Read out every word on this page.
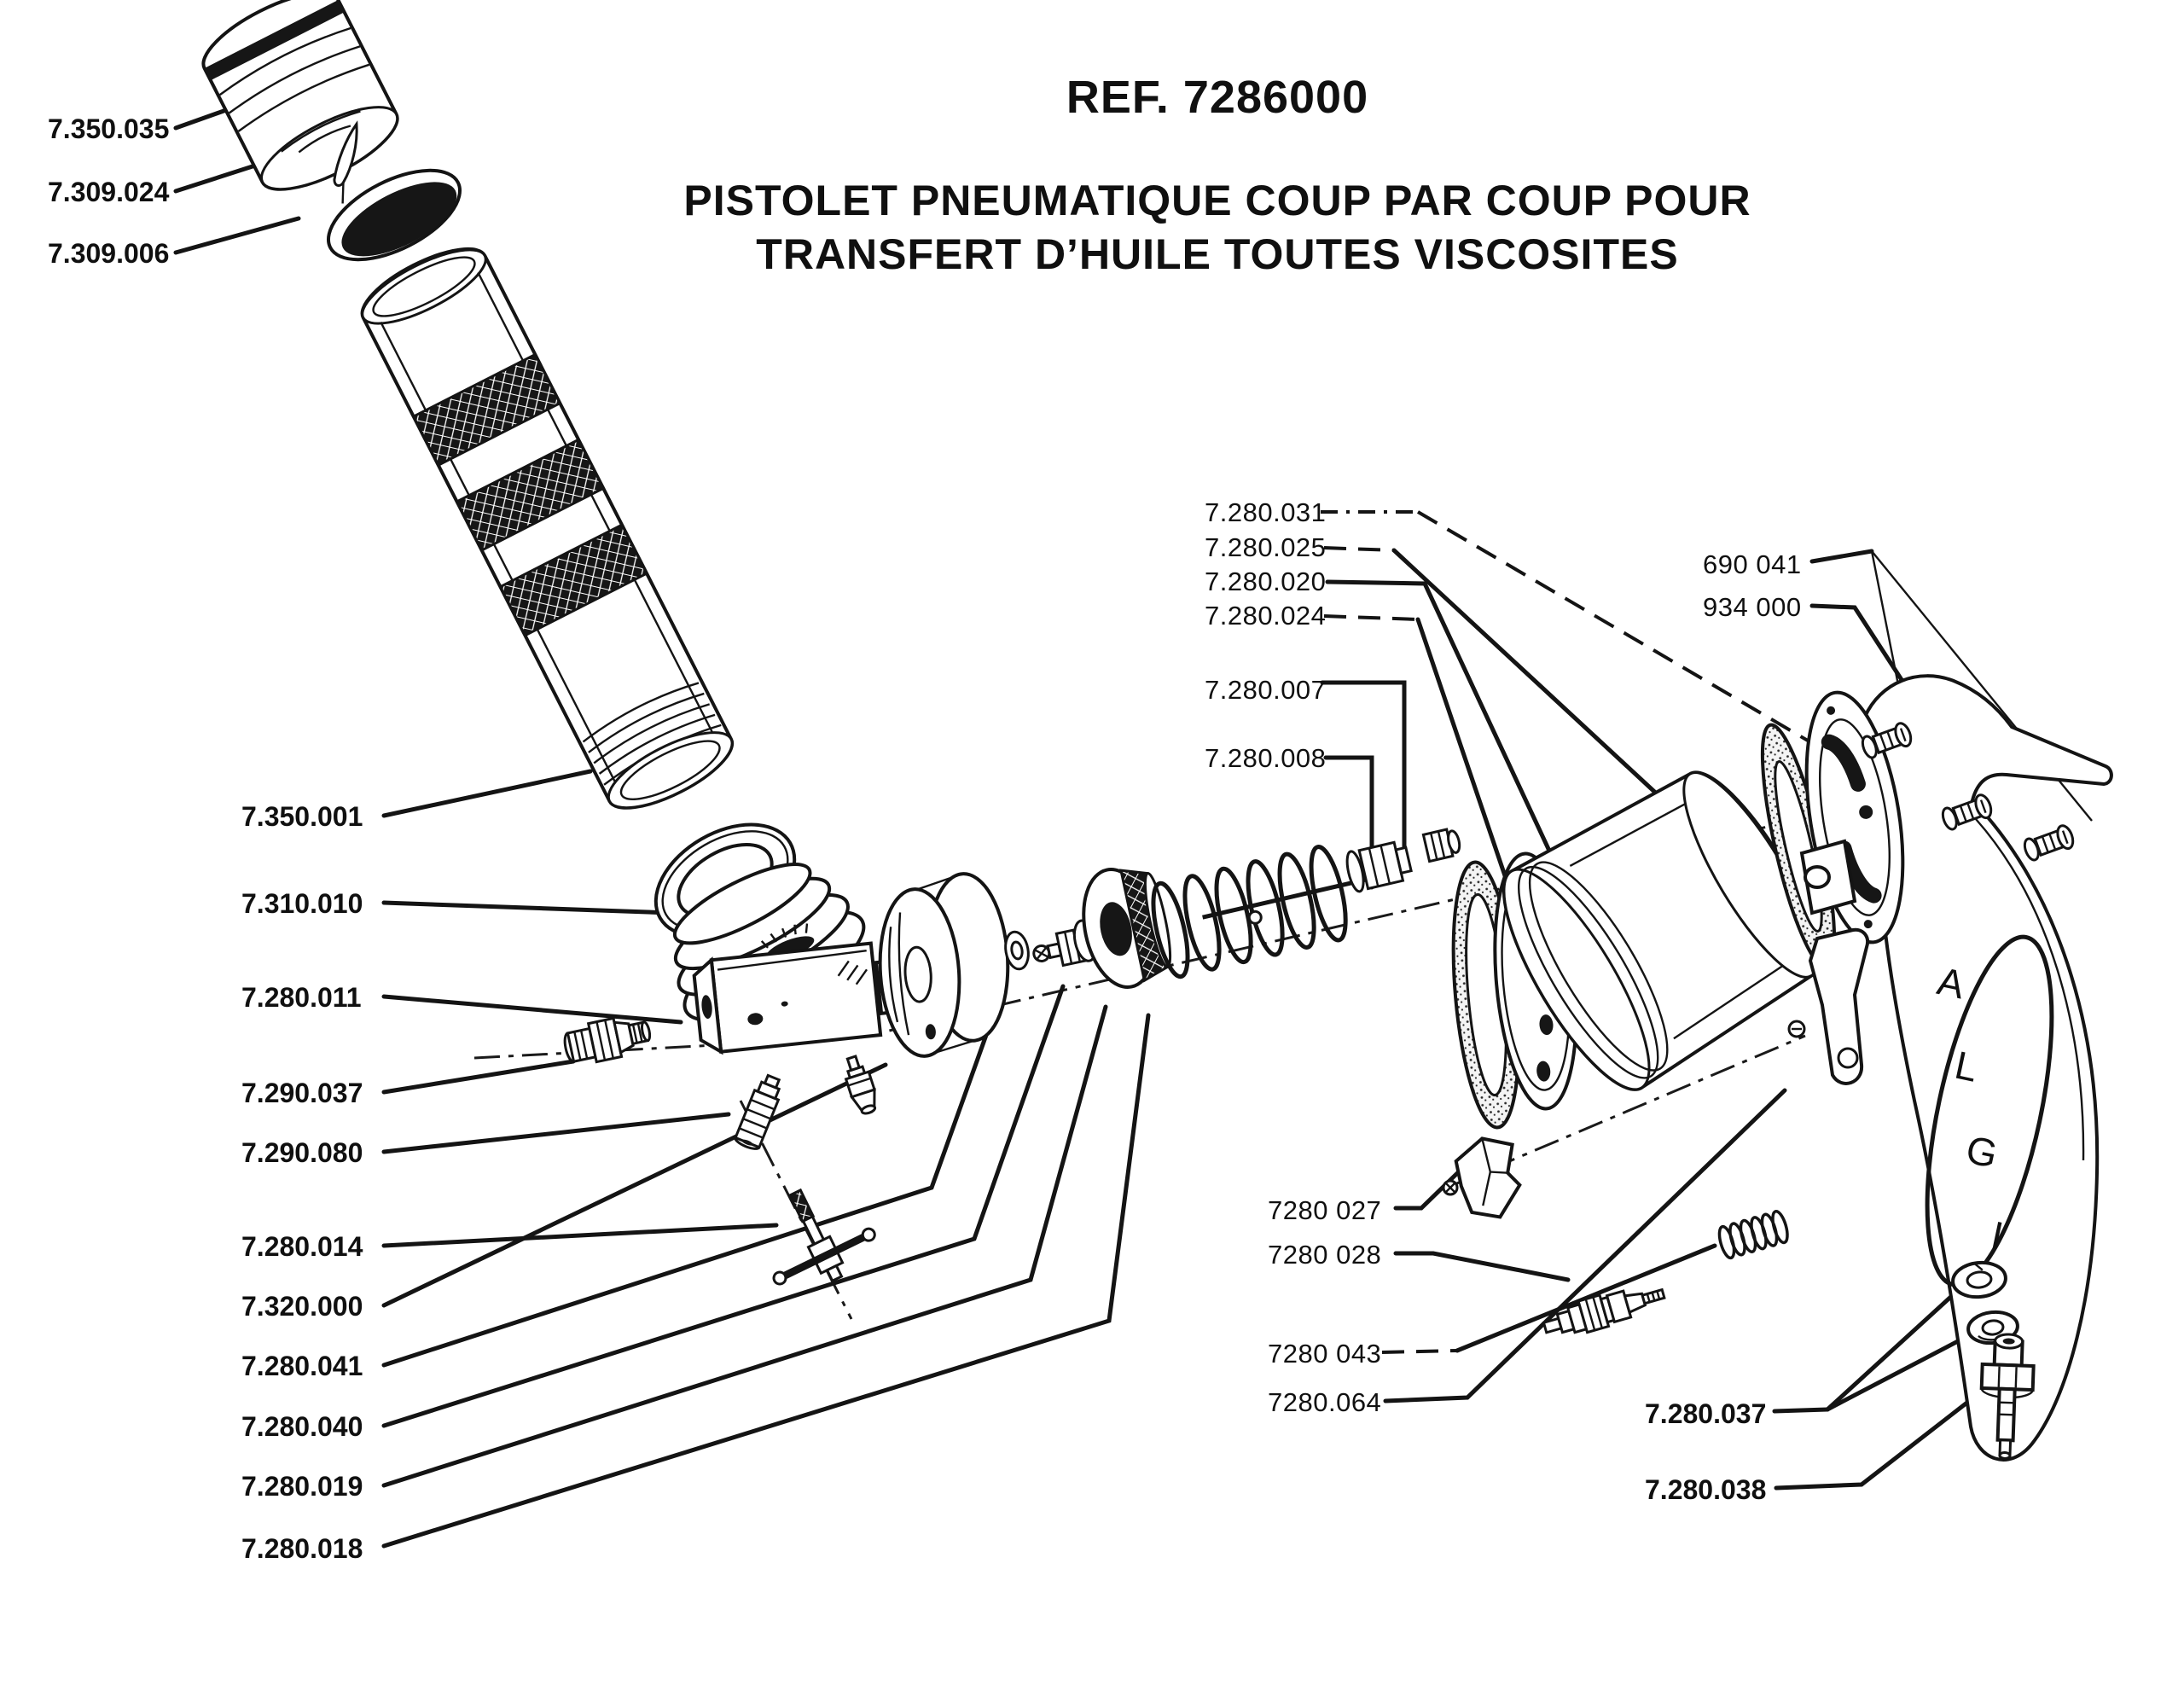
REF. 7286000
PISTOLET PNEUMATIQUE COUP PAR COUP POUR
TRANSFERT D’HUILE TOUTES VISCOSITES
A
L
G
I
7.350.035
7.309.024
7.309.006
7.350.001
7.310.010
7.280.011
7.290.037
7.290.080
7.280.014
7.320.000
7.280.041
7.280.040
7.280.019
7.280.018
7.280.031
7.280.025
7.280.020
7.280.024
7.280.007
7.280.008
690 041
934 000
7280 027
7280 028
7280 043
7280.064	7.280.037
7.280.038
